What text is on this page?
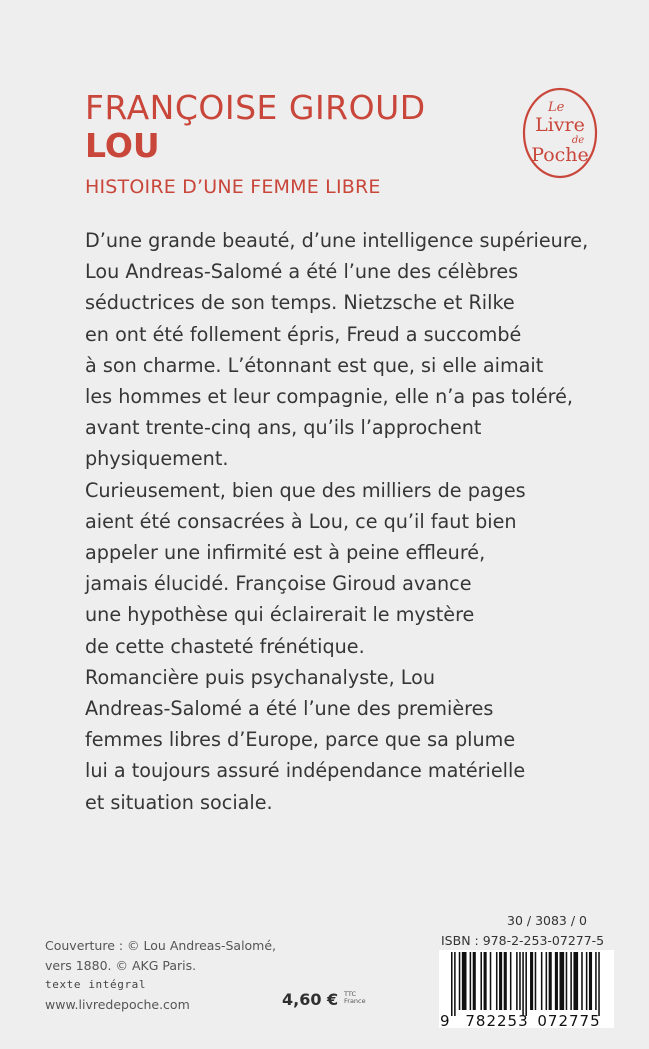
FRANÇOISE GIROUD
LOU
HISTOIRE D’UNE FEMME LIBRE
Le
Livre
de
Poche

D’une grande beauté, d’une intelligence supérieure,
Lou Andreas-Salomé a été l’une des célèbres
séductrices de son temps. Nietzsche et Rilke
en ont été follement épris, Freud a succombé
à son charme. L’étonnant est que, si elle aimait
les hommes et leur compagnie, elle n’a pas toléré,
avant trente-cinq ans, qu’ils l’approchent
physiquement.

Curieusement, bien que des milliers de pages
aient été consacrées à Lou, ce qu’il faut bien
appeler une infirmité est à peine effleuré,
jamais élucidé. Françoise Giroud avance
une hypothèse qui éclairerait le mystère
de cette chasteté frénétique.

Romancière puis psychanalyste, Lou
Andreas-Salomé a été l’une des premières
femmes libres d’Europe, parce que sa plume
lui a toujours assuré indépendance matérielle
et situation sociale.

Couverture : © Lou Andreas-Salomé,
vers 1880. © AKG Paris.
texte intégral
www.livredepoche.com	4,60 € TTC
France
30 / 3083 / 0
ISBN : 978-2-253-07277-5
9 782253 072775
